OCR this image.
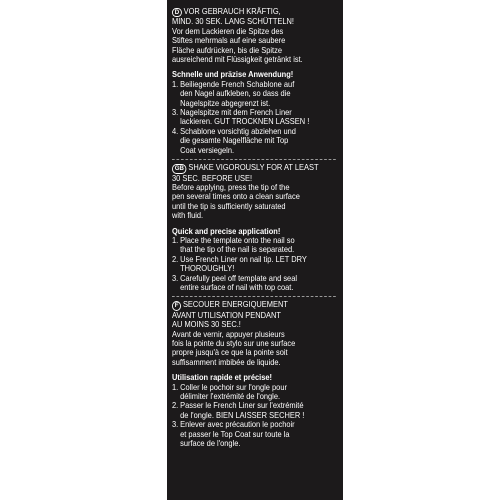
D VOR GEBRAUCH KRÄFTIG,
MIND. 30 SEK. LANG SCHÜTTELN!

Vor dem Lackieren die Spitze des
Stiftes mehrmals auf eine saubere
Fläche aufdrücken, bis die Spitze
ausreichend mit Flüssigkeit getränkt ist.

Schnelle und präzise Anwendung!

1. Beiliegende French Schablone auf
den Nagel aufkleben, so dass die
Nagelspitze abgegrenzt ist.
3. Nagelspitze mit dem French Liner
lackieren. GUT TROCKNEN LASSEN !
4. Schablone vorsichtig abziehen und
die gesamte Nagelfläche mit Top
Coat versiegeln.

GB SHAKE VIGOROUSLY FOR AT LEAST
30 SEC. BEFORE USE!

Before applying, press the tip of the
pen several times onto a clean surface
until the tip is sufficiently saturated
with fluid.

Quick and precise application!

1. Place the template onto the nail so
that the tip of the nail is separated.
2. Use French Liner on nail tip. LET DRY
THOROUGHLY!
3. Carefully peel off template and seal
entire surface of nail with top coat.

F SECOUER ENERGIQUEMENT
AVANT UTILISATION PENDANT
AU MOINS 30 SEC.!

Avant de vernir, appuyer plusieurs
fois la pointe du stylo sur une surface
propre jusqu'à ce que la pointe soit
suffisamment imbibée de liquide.

Utilisation rapide et précise!

1. Coller le pochoir sur l'ongle pour
délimiter l'extrémité de l'ongle.
2. Passer le French Liner sur l'extrémité
de l'ongle. BIEN LAISSER SECHER !
3. Enlever avec précaution le pochoir
et passer le Top Coat sur toute la
surface de l'ongle.
